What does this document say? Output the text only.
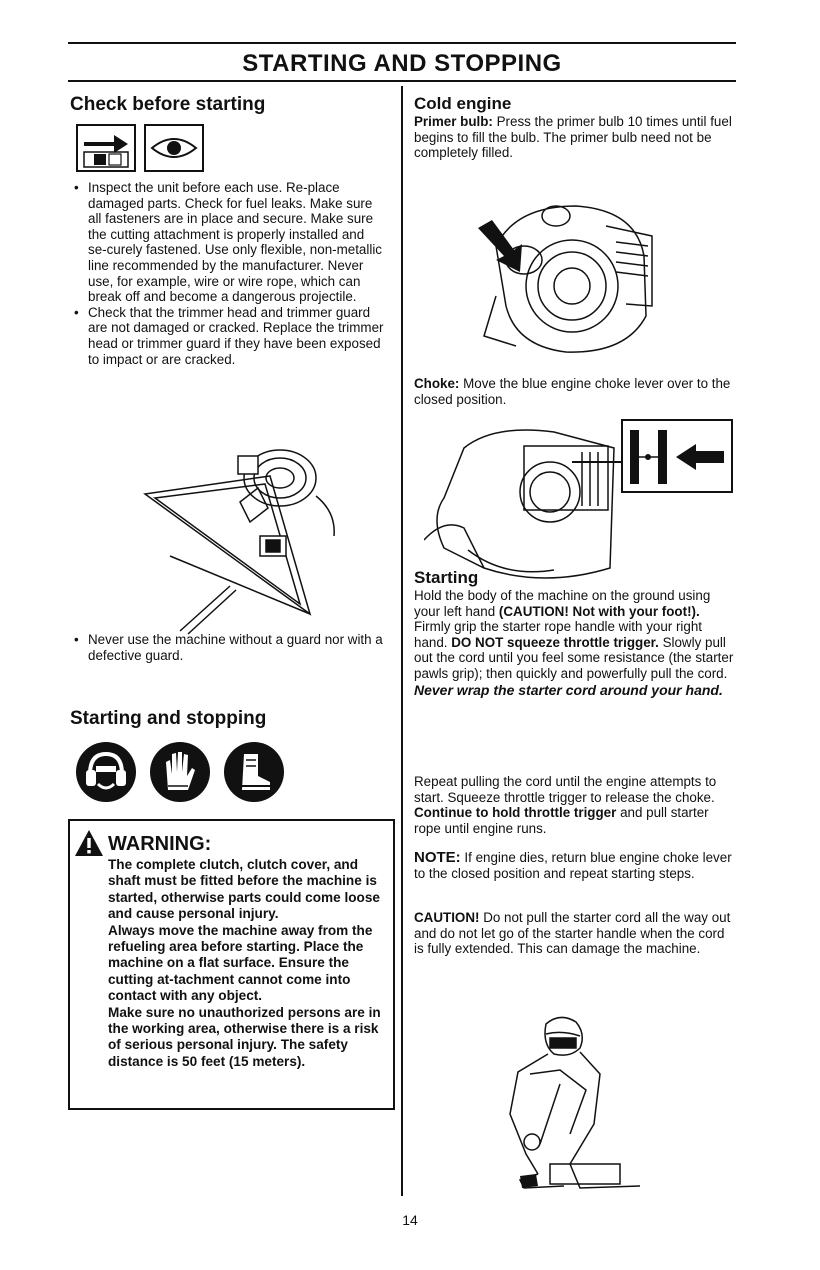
STARTING AND STOPPING
Check before starting
• Inspect the unit before each use. Re-place damaged parts. Check for fuel leaks. Make sure all fasteners are in place and secure. Make sure the cutting attachment is properly installed and se-curely fastened. Use only flexible, non-metallic line recommended by the manufacturer. Never use, for example, wire or wire rope, which can break off and become a dangerous projectile.
• Check that the trimmer head and trimmer guard are not damaged or cracked. Replace the trimmer head or trimmer guard if they have been exposed to impact or are cracked.
• Never use the machine without a guard nor with a defective guard.
Starting and stopping
WARNING:
The complete clutch, clutch cover, and shaft must be fitted before the machine is started, otherwise parts could come loose and cause personal injury.
Always move the machine away from the refueling area before starting. Place the machine on a flat surface. Ensure the cutting at-tachment cannot come into contact with any object.
Make sure no unauthorized persons are in the working area, otherwise there is a risk of serious personal injury. The safety distance is 50 feet (15 meters).
Cold engine
Primer bulb: Press the primer bulb 10 times until fuel begins to fill the bulb. The primer bulb need not be completely filled.
Choke: Move the blue engine choke lever over to the closed position.
Starting
Hold the body of the machine on the ground using your left hand (CAUTION! Not with your foot!).
Firmly grip the starter rope handle with your right hand. DO NOT squeeze throttle trigger. Slowly pull out the cord until you feel some resistance (the starter pawls grip); then quickly and powerfully pull the cord.
Never wrap the starter cord around your hand.
Repeat pulling the cord until the engine attempts to start. Squeeze throttle trigger to release the choke. Continue to hold throttle trigger and pull starter rope until engine runs.
NOTE: If engine dies, return blue engine choke lever to the closed position and repeat starting steps.
CAUTION! Do not pull the starter cord all the way out and do not let go of the starter handle when the cord is fully extended. This can damage the machine.
14
